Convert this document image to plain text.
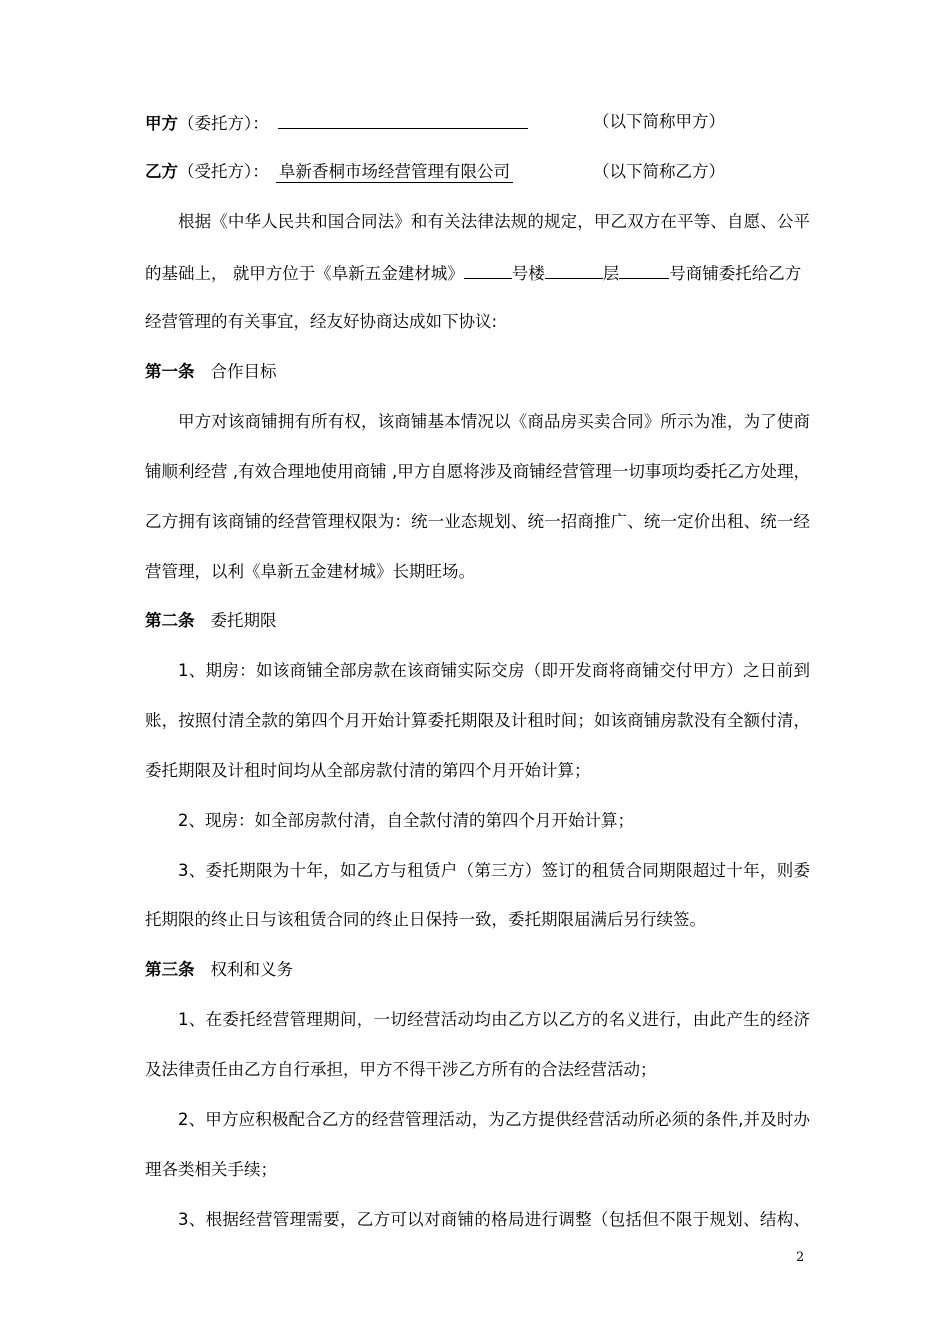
甲方（委托方）：	（以下简称甲方）
乙方（受托方）： 阜新香桐市场经营管理有限公司	（以下简称乙方）
根据《中华人民共和国合同法》和有关法律法规的规定，甲乙双方在平等、自愿、公平
的基础上， 就甲方位于《阜新五金建材城》	号楼	层	号商铺委托给乙方
经营管理的有关事宜，经友好协商达成如下协议:
第一条 合作目标
甲方对该商铺拥有所有权，该商铺基本情况以《商品房买卖合同》所示为准，为了使商
铺顺利经营 ,有效合理地使用商铺 ,甲方自愿将涉及商铺经营管理一切事项均委托乙方处理，
乙方拥有该商铺的经营管理权限为：统一业态规划、统一招商推广、统一定价出租、统一经
营管理，以利《阜新五金建材城》长期旺场。
第二条 委托期限
1、期房：如该商铺全部房款在该商铺实际交房（即开发商将商铺交付甲方）之日前到
账，按照付清全款的第四个月开始计算委托期限及计租时间；如该商铺房款没有全额付清，
委托期限及计租时间均从全部房款付清的第四个月开始计算；
2、现房：如全部房款付清，自全款付清的第四个月开始计算；
3、委托期限为十年，如乙方与租赁户（第三方）签订的租赁合同期限超过十年，则委
托期限的终止日与该租赁合同的终止日保持一致，委托期限届满后另行续签。
第三条 权利和义务
1、在委托经营管理期间，一切经营活动均由乙方以乙方的名义进行，由此产生的经济
及法律责任由乙方自行承担，甲方不得干涉乙方所有的合法经营活动；
2、甲方应积极配合乙方的经营管理活动，为乙方提供经营活动所必须的条件,并及时办
理各类相关手续；
3、根据经营管理需要，乙方可以对商铺的格局进行调整（包括但不限于规划、结构、
2
